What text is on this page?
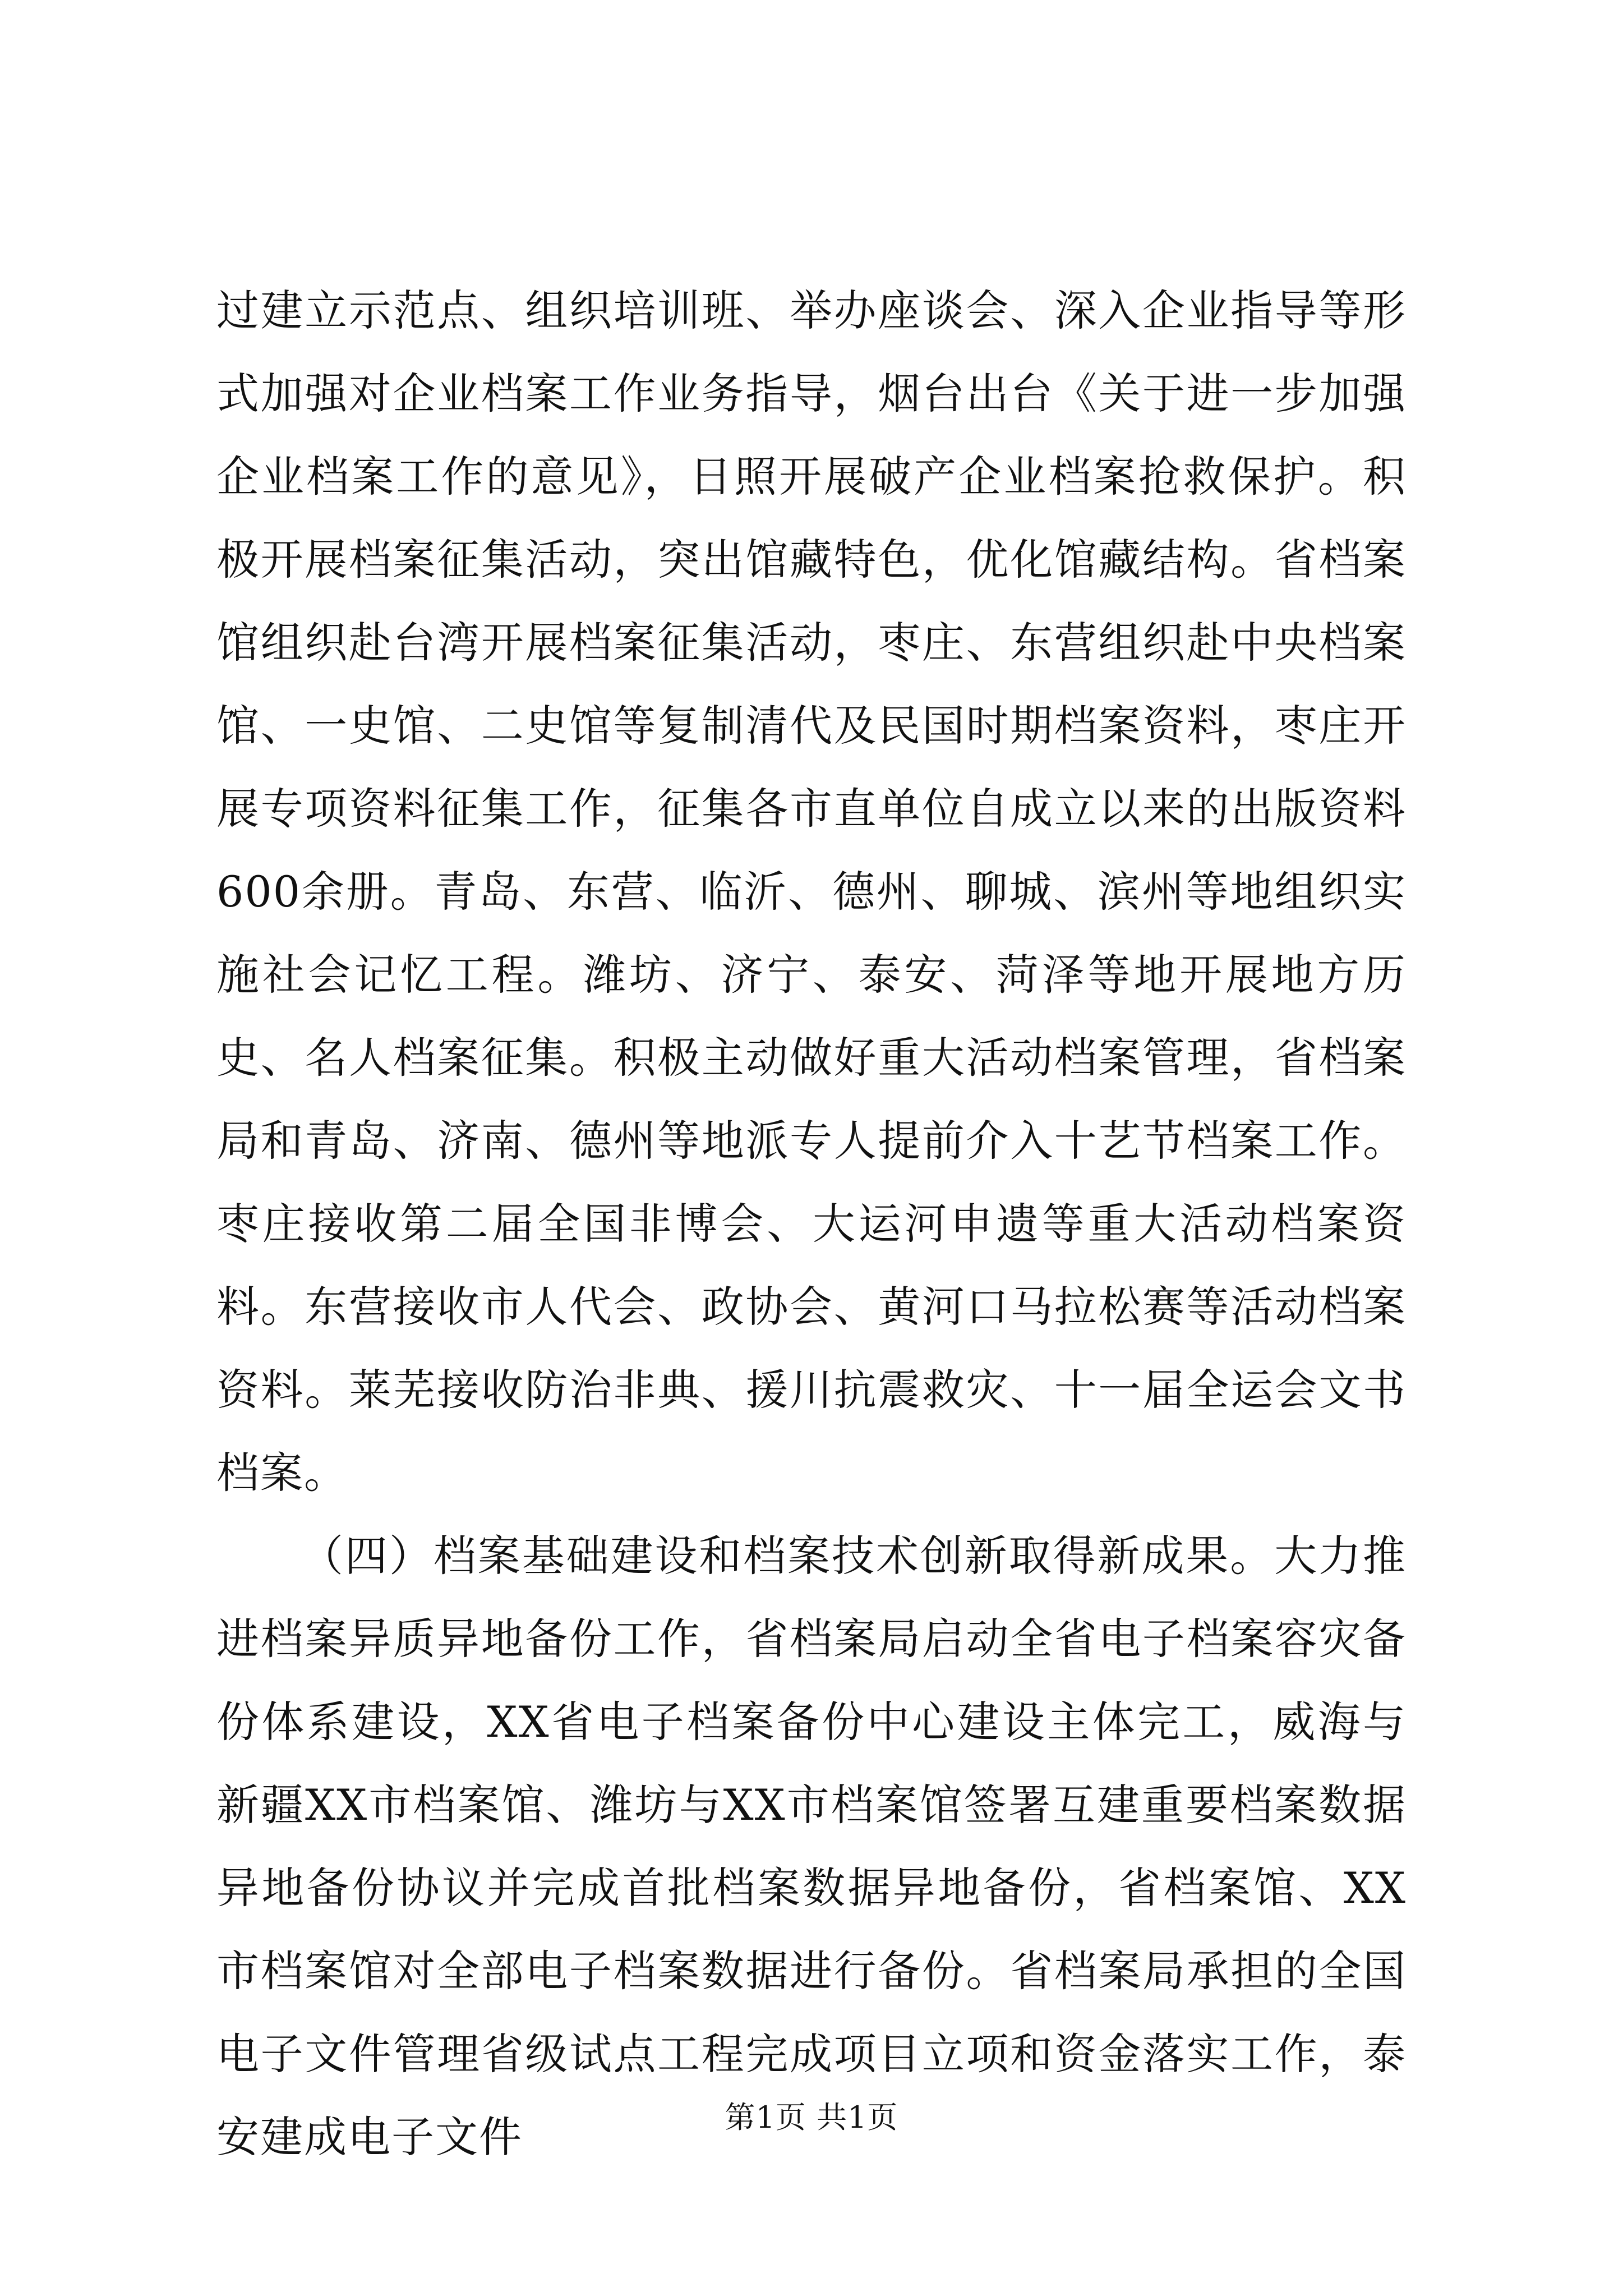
过建立示范点、组织培训班、举办座谈会、深入企业指导等形式加强对企业档案工作业务指导，烟台出台《关于进一步加强企业档案工作的意见》，日照开展破产企业档案抢救保护。积极开展档案征集活动，突出馆藏特色，优化馆藏结构。省档案馆组织赴台湾开展档案征集活动，枣庄、东营组织赴中央档案馆、一史馆、二史馆等复制清代及民国时期档案资料，枣庄开展专项资料征集工作，征集各市直单位自成立以来的出版资料600余册。青岛、东营、临沂、德州、聊城、滨州等地组织实施社会记忆工程。潍坊、济宁、泰安、菏泽等地开展地方历史、名人档案征集。积极主动做好重大活动档案管理，省档案局和青岛、济南、德州等地派专人提前介入十艺节档案工作。枣庄接收第二届全国非博会、大运河申遗等重大活动档案资料。东营接收市人代会、政协会、黄河口马拉松赛等活动档案资料。莱芜接收防治非典、援川抗震救灾、十一届全运会文书档案。

（四）档案基础建设和档案技术创新取得新成果。大力推进档案异质异地备份工作，省档案局启动全省电子档案容灾备份体系建设，XX省电子档案备份中心建设主体完工，威海与新疆XX市档案馆、潍坊与XX市档案馆签署互建重要档案数据异地备份协议并完成首批档案数据异地备份，省档案馆、XX市档案馆对全部电子档案数据进行备份。省档案局承担的全国电子文件管理省级试点工程完成项目立项和资金落实工作，泰安建成电子文件	第1页 共1页
